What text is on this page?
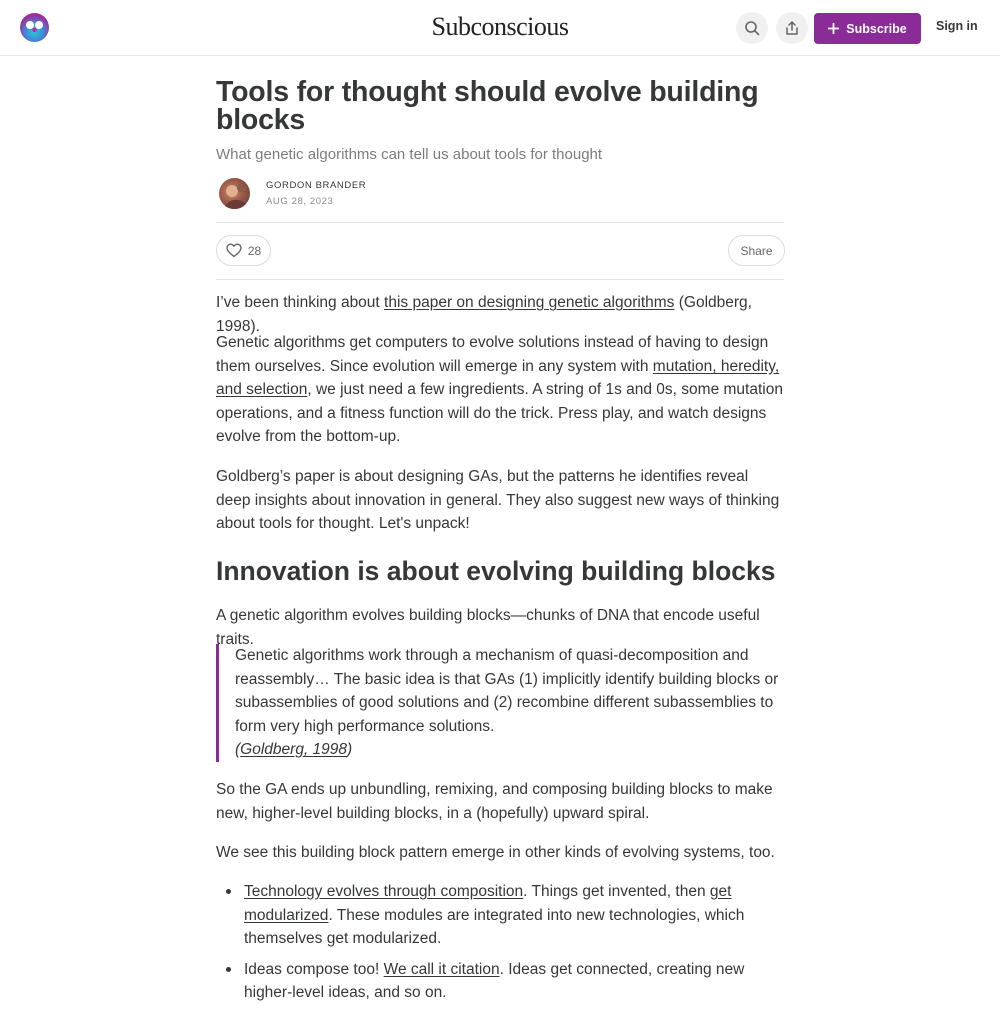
Subconscious	Subscribe Sign in
Tools for thought should evolve building blocks

What genetic algorithms can tell us about tools for thought

GORDON BRANDER
AUG 28, 2023
28	Share

I’ve been thinking about this paper on designing genetic algorithms (Goldberg, 1998).

Genetic algorithms get computers to evolve solutions instead of having to design them ourselves. Since evolution will emerge in any system with mutation, heredity, and selection, we just need a few ingredients. A string of 1s and 0s, some mutation operations, and a fitness function will do the trick. Press play, and watch designs evolve from the bottom-up.

Goldberg’s paper is about designing GAs, but the patterns he identifies reveal deep insights about innovation in general. They also suggest new ways of thinking about tools for thought. Let's unpack!

Innovation is about evolving building blocks

A genetic algorithm evolves building blocks—chunks of DNA that encode useful traits.

Genetic algorithms work through a mechanism of quasi-decomposition and reassembly… The basic idea is that GAs (1) implicitly identify building blocks or subassemblies of good solutions and (2) recombine different subassemblies to form very high performance solutions.

(Goldberg, 1998)

So the GA ends up unbundling, remixing, and composing building blocks to make new, higher-level building blocks, in a (hopefully) upward spiral.

We see this building block pattern emerge in other kinds of evolving systems, too.

Technology evolves through composition. Things get invented, then get modularized. These modules are integrated into new technologies, which themselves get modularized.
Ideas compose too! We call it citation. Ideas get connected, creating new higher-level ideas, and so on.
